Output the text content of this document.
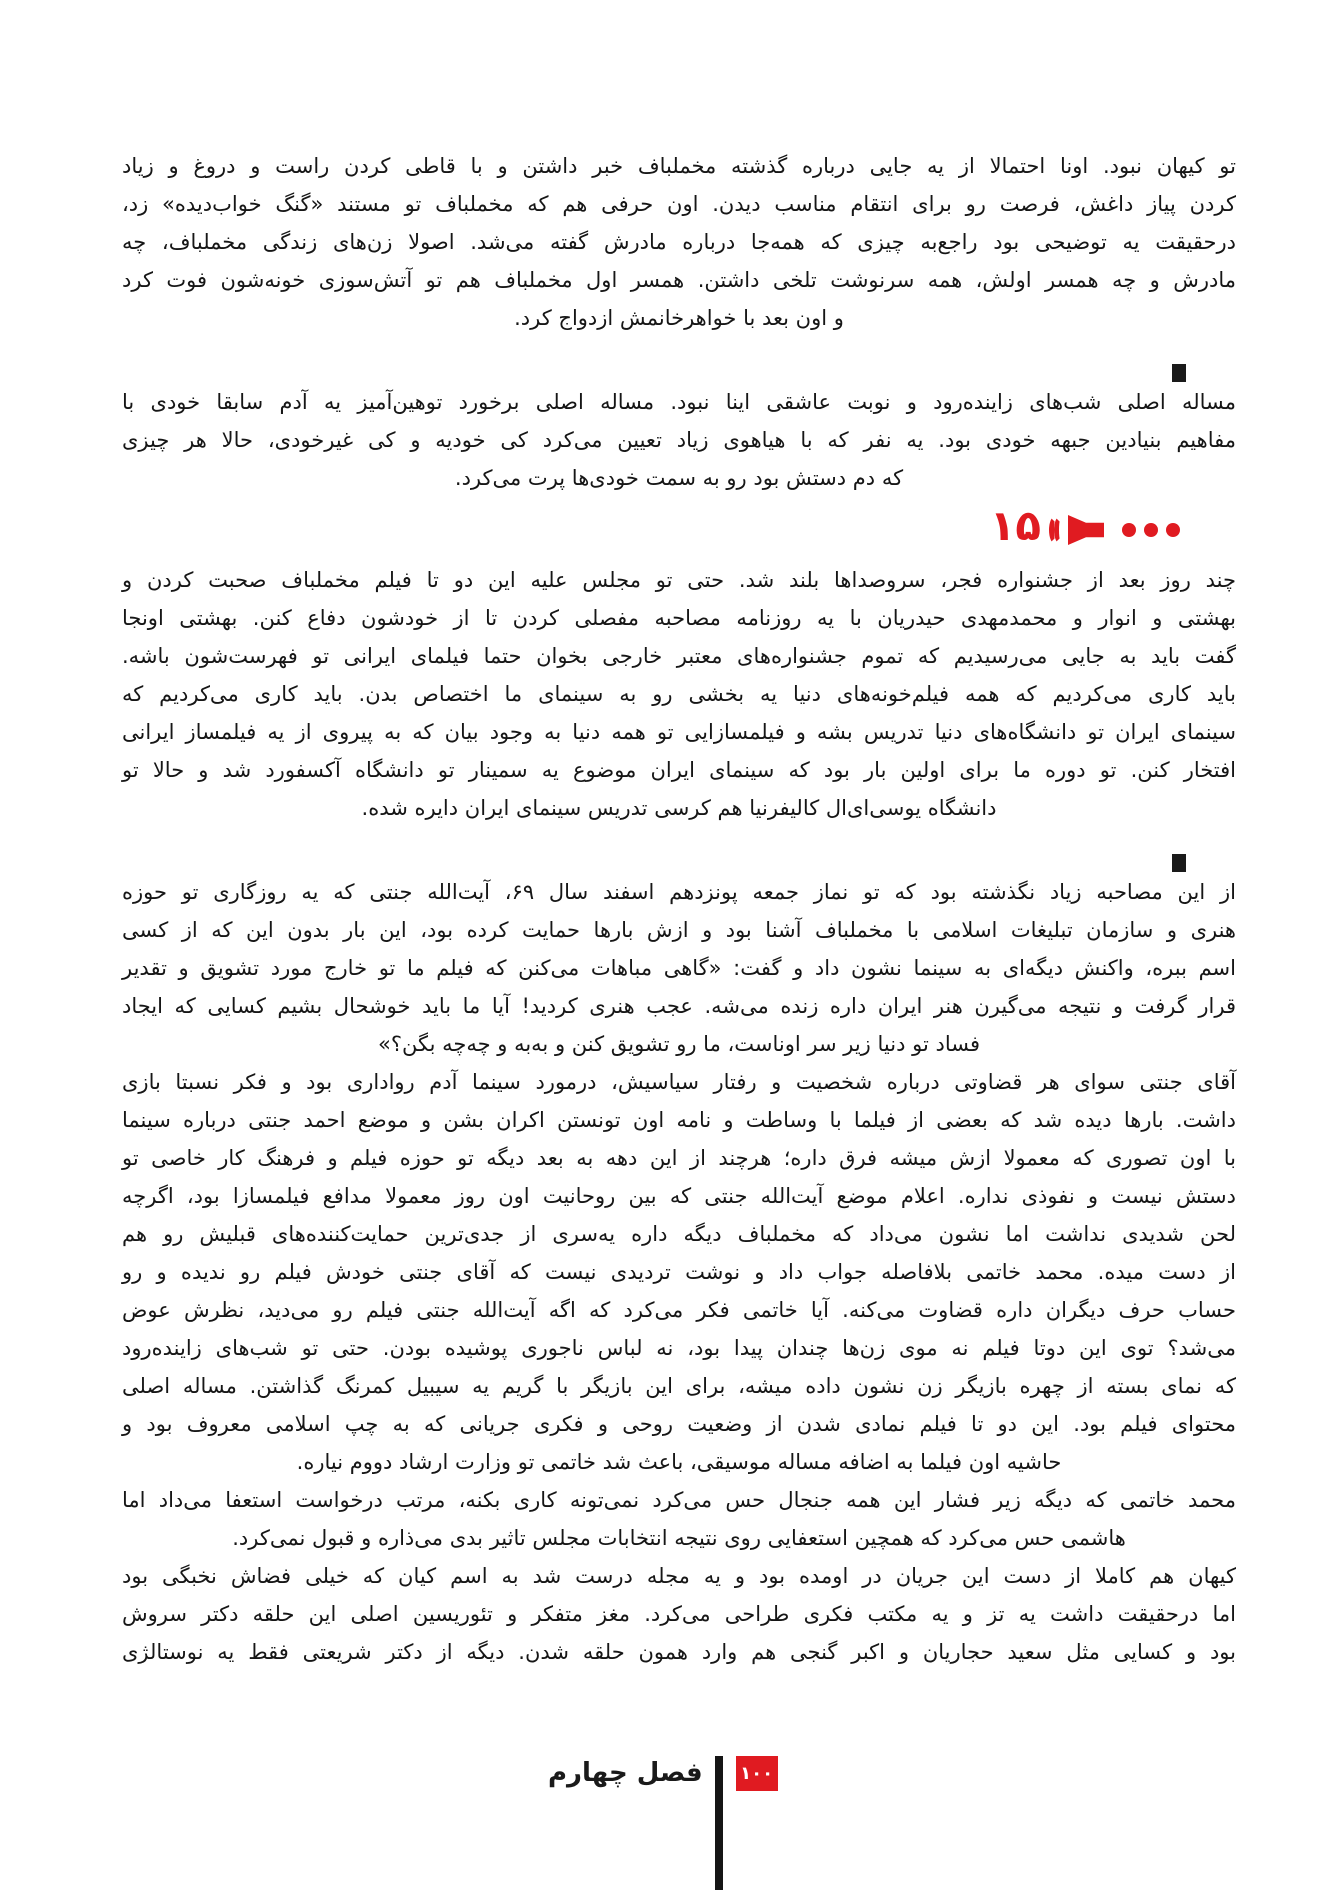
تو کیهان نبود. اونا احتمالا از یه جایی درباره گذشته مخملباف خبر داشتن و با قاطی کردن راست و دروغ و زیاد
کردن پیاز داغش، فرصت رو برای انتقام مناسب دیدن. اون حرفی هم که مخملباف تو مستند «گنگ خواب‌دیده» زد،
درحقیقت یه توضیحی بود راجع‌به چیزی که همه‌جا درباره مادرش گفته می‌شد. اصولا زن‌های زندگی مخملباف، چه
مادرش و چه همسر اولش، همه سرنوشت تلخی داشتن. همسر اول مخملباف هم تو آتش‌سوزی خونه‌شون فوت کرد
و اون بعد با خواهرخانمش ازدواج کرد.
مساله اصلی شب‌های زاینده‌رود و نوبت عاشقی اینا نبود. مساله اصلی برخورد توهین‌آمیز یه آدم سابقا خودی با
مفاهیم بنیادین جبهه خودی بود. یه نفر که با هیاهوی زیاد تعیین می‌کرد کی خودیه و کی غیرخودی، حالا هر چیزی
که دم دستش بود رو به سمت خودی‌ها پرت می‌کرد.
۱۵
چند روز بعد از جشنواره فجر، سروصداها بلند شد. حتی تو مجلس علیه این دو تا فیلم مخملباف صحبت کردن و
بهشتی و انوار و محمدمهدی حیدریان با یه روزنامه مصاحبه مفصلی کردن تا از خودشون دفاع کنن. بهشتی اونجا
گفت باید به جایی می‌رسیدیم که تموم جشنواره‌های معتبر خارجی بخوان حتما فیلمای ایرانی تو فهرست‌شون باشه.
باید کاری می‌کردیم که همه فیلم‌خونه‌های دنیا یه بخشی رو به سینمای ما اختصاص بدن. باید کاری می‌کردیم که
سینمای ایران تو دانشگاه‌های دنیا تدریس بشه و فیلمسازایی تو همه دنیا به وجود بیان که به پیروی از یه فیلمساز ایرانی
افتخار کنن. تو دوره ما برای اولین بار بود که سینمای ایران موضوع یه سمینار تو دانشگاه آکسفورد شد و حالا تو
دانشگاه یوسی‌ای‌ال کالیفرنیا هم کرسی تدریس سینمای ایران دایره شده.
از این مصاحبه زیاد نگذشته بود که تو نماز جمعه پونزدهم اسفند سال ۶۹، آیت‌الله جنتی که یه روزگاری تو حوزه
هنری و سازمان تبلیغات اسلامی با مخملباف آشنا بود و ازش بارها حمایت کرده بود، این بار بدون این که از کسی
اسم ببره، واکنش دیگه‌ای به سینما نشون داد و گفت: «گاهی مباهات می‌کنن که فیلم ما تو خارج مورد تشویق و تقدیر
قرار گرفت و نتیجه می‌گیرن هنر ایران داره زنده می‌شه. عجب هنری کردید! آیا ما باید خوشحال بشیم کسایی که ایجاد
فساد تو دنیا زیر سر اوناست، ما رو تشویق کنن و به‌به و چه‌چه بگن؟»
آقای جنتی سوای هر قضاوتی درباره شخصیت و رفتار سیاسیش، درمورد سینما آدم رواداری بود و فکر نسبتا بازی
داشت. بارها دیده شد که بعضی از فیلما با وساطت و نامه اون تونستن اکران بشن و موضع احمد جنتی درباره سینما
با اون تصوری که معمولا ازش میشه فرق داره؛ هرچند از این دهه به بعد دیگه تو حوزه فیلم و فرهنگ کار خاصی تو
دستش نیست و نفوذی نداره. اعلام موضع آیت‌الله جنتی که بین روحانیت اون روز معمولا مدافع فیلمسازا بود، اگرچه
لحن شدیدی نداشت اما نشون می‌داد که مخملباف دیگه داره یه‌سری از جدی‌ترین حمایت‌کننده‌های قبلیش رو هم
از دست میده. محمد خاتمی بلافاصله جواب داد و نوشت تردیدی نیست که آقای جنتی خودش فیلم رو ندیده و رو
حساب حرف دیگران داره قضاوت می‌کنه. آیا خاتمی فکر می‌کرد که اگه آیت‌الله جنتی فیلم رو می‌دید، نظرش عوض
می‌شد؟ توی این دوتا فیلم نه موی زن‌ها چندان پیدا بود، نه لباس ناجوری پوشیده بودن. حتی تو شب‌های زاینده‌رود
که نمای بسته از چهره بازیگر زن نشون داده میشه، برای این بازیگر با گریم یه سیبیل کمرنگ گذاشتن. مساله اصلی
محتوای فیلم بود. این دو تا فیلم نمادی شدن از وضعیت روحی و فکری جریانی که به چپ اسلامی معروف بود و
حاشیه اون فیلما به اضافه مساله موسیقی، باعث شد خاتمی تو وزارت ارشاد دووم نیاره.
محمد خاتمی که دیگه زیر فشار این همه جنجال حس می‌کرد نمی‌تونه کاری بکنه، مرتب درخواست استعفا می‌داد اما
هاشمی حس می‌کرد که همچین استعفایی روی نتیجه انتخابات مجلس تاثیر بدی می‌ذاره و قبول نمی‌کرد.
کیهان هم کاملا از دست این جریان در اومده بود و یه مجله درست شد به اسم کیان که خیلی فضاش نخبگی بود
اما درحقیقت داشت یه تز و یه مکتب فکری طراحی می‌کرد. مغز متفکر و تئوریسین اصلی این حلقه دکتر سروش
بود و کسایی مثل سعید حجاریان و اکبر گنجی هم وارد همون حلقه شدن. دیگه از دکتر شریعتی فقط یه نوستالژی
فصل چهارم	۱۰۰
